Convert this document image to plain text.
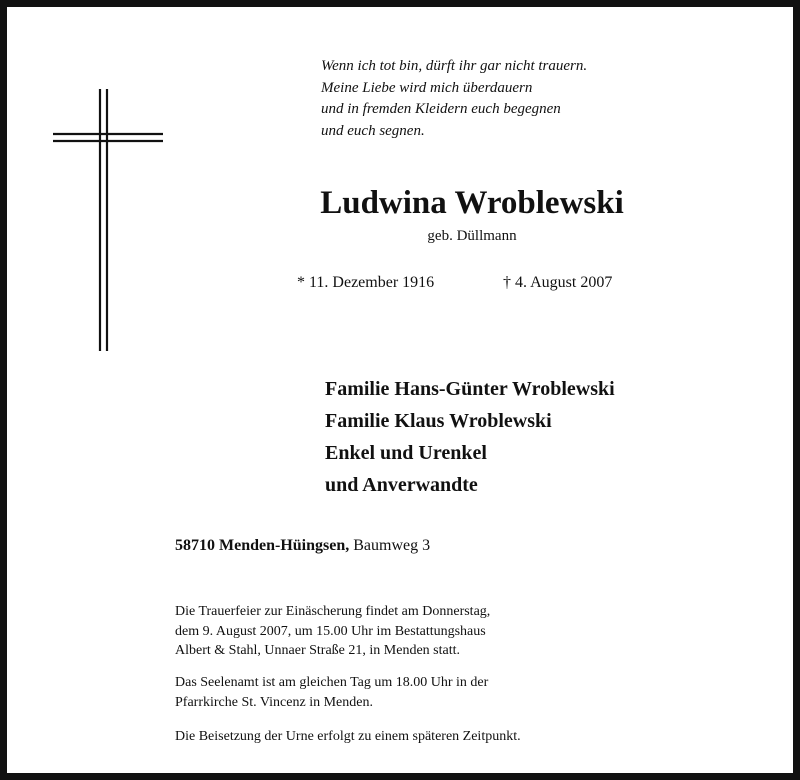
Wenn ich tot bin, dürft ihr gar nicht trauern.
Meine Liebe wird mich überdauern
und in fremden Kleidern euch begegnen
und euch segnen.
Ludwina Wroblewski
geb. Düllmann
* 11. Dezember 1916	† 4. August 2007
Familie Hans-Günter Wroblewski
Familie Klaus Wroblewski
Enkel und Urenkel
und Anverwandte
58710 Menden-Hüingsen, Baumweg 3
Die Trauerfeier zur Einäscherung findet am Donnerstag,
dem 9. August 2007, um 15.00 Uhr im Bestattungshaus
Albert & Stahl, Unnaer Straße 21, in Menden statt.
Das Seelenamt ist am gleichen Tag um 18.00 Uhr in der
Pfarrkirche St. Vincenz in Menden.
Die Beisetzung der Urne erfolgt zu einem späteren Zeitpunkt.
